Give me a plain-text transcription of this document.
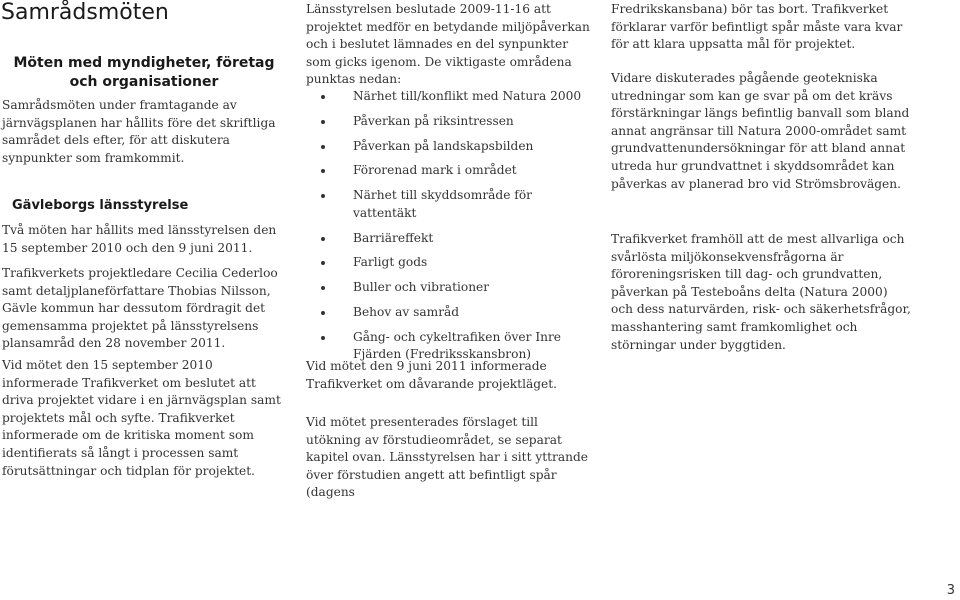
Samrådsmöten
Möten med myndigheter, företag och organisationer

Samrådsmöten under framtagande av järnvägsplanen har hållits före det skriftliga samrådet dels efter, för att diskutera synpunkter som framkommit.

Gävleborgs länsstyrelse

Två möten har hållits med länsstyrelsen den 15 september 2010 och den 9 juni 2011.

Trafikverkets projektledare Cecilia Cederloo samt detaljplaneförfattare Thobias Nilsson, Gävle kommun har dessutom fördragit det gemensamma projektet på länsstyrelsens plansamråd den 28 november 2011.

Vid mötet den 15 september 2010 informerade Trafikverket om beslutet att driva projektet vidare i en järnvägsplan samt projektets mål och syfte. Trafikverket informerade om de kritiska moment som identifierats så långt i processen samt förutsättningar och tidplan för projektet.

Länsstyrelsen beslutade 2009-11-16 att projektet medför en betydande miljöpåverkan och i beslutet lämnades en del synpunkter som gicks igenom. De viktigaste områdena punktas nedan:

Närhet till/konflikt med Natura 2000
Påverkan på riksintressen
Påverkan på landskapsbilden
Förorenad mark i området
Närhet till skyddsområde för vattentäkt
Barriäreffekt
Farligt gods
Buller och vibrationer
Behov av samråd
Gång- och cykeltrafiken över Inre Fjärden (Fredriksskansbron)

Vid mötet den 9 juni 2011 informerade Trafikverket om dåvarande projektläget.

Vid mötet presenterades förslaget till utökning av förstudieområdet, se separat kapitel ovan. Länsstyrelsen har i sitt yttrande över förstudien angett att befintligt spår (dagens

Fredrikskansbana) bör tas bort. Trafikverket förklarar varför befintligt spår måste vara kvar för att klara uppsatta mål för projektet.

Vidare diskuterades pågående geotekniska utredningar som kan ge svar på om det krävs förstärkningar längs befintlig banvall som bland annat angränsar till Natura 2000-området samt grundvattenundersökningar för att bland annat utreda hur grundvattnet i skyddsområdet kan påverkas av planerad bro vid Strömsbrovägen.

Trafikverket framhöll att de mest allvarliga och svårlösta miljökonsekvensfrågorna är föroreningsrisken till dag- och grundvatten, påverkan på Testeboåns delta (Natura 2000) och dess naturvärden, risk- och säkerhetsfrågor, masshantering samt framkomlighet och störningar under byggtiden.

3
